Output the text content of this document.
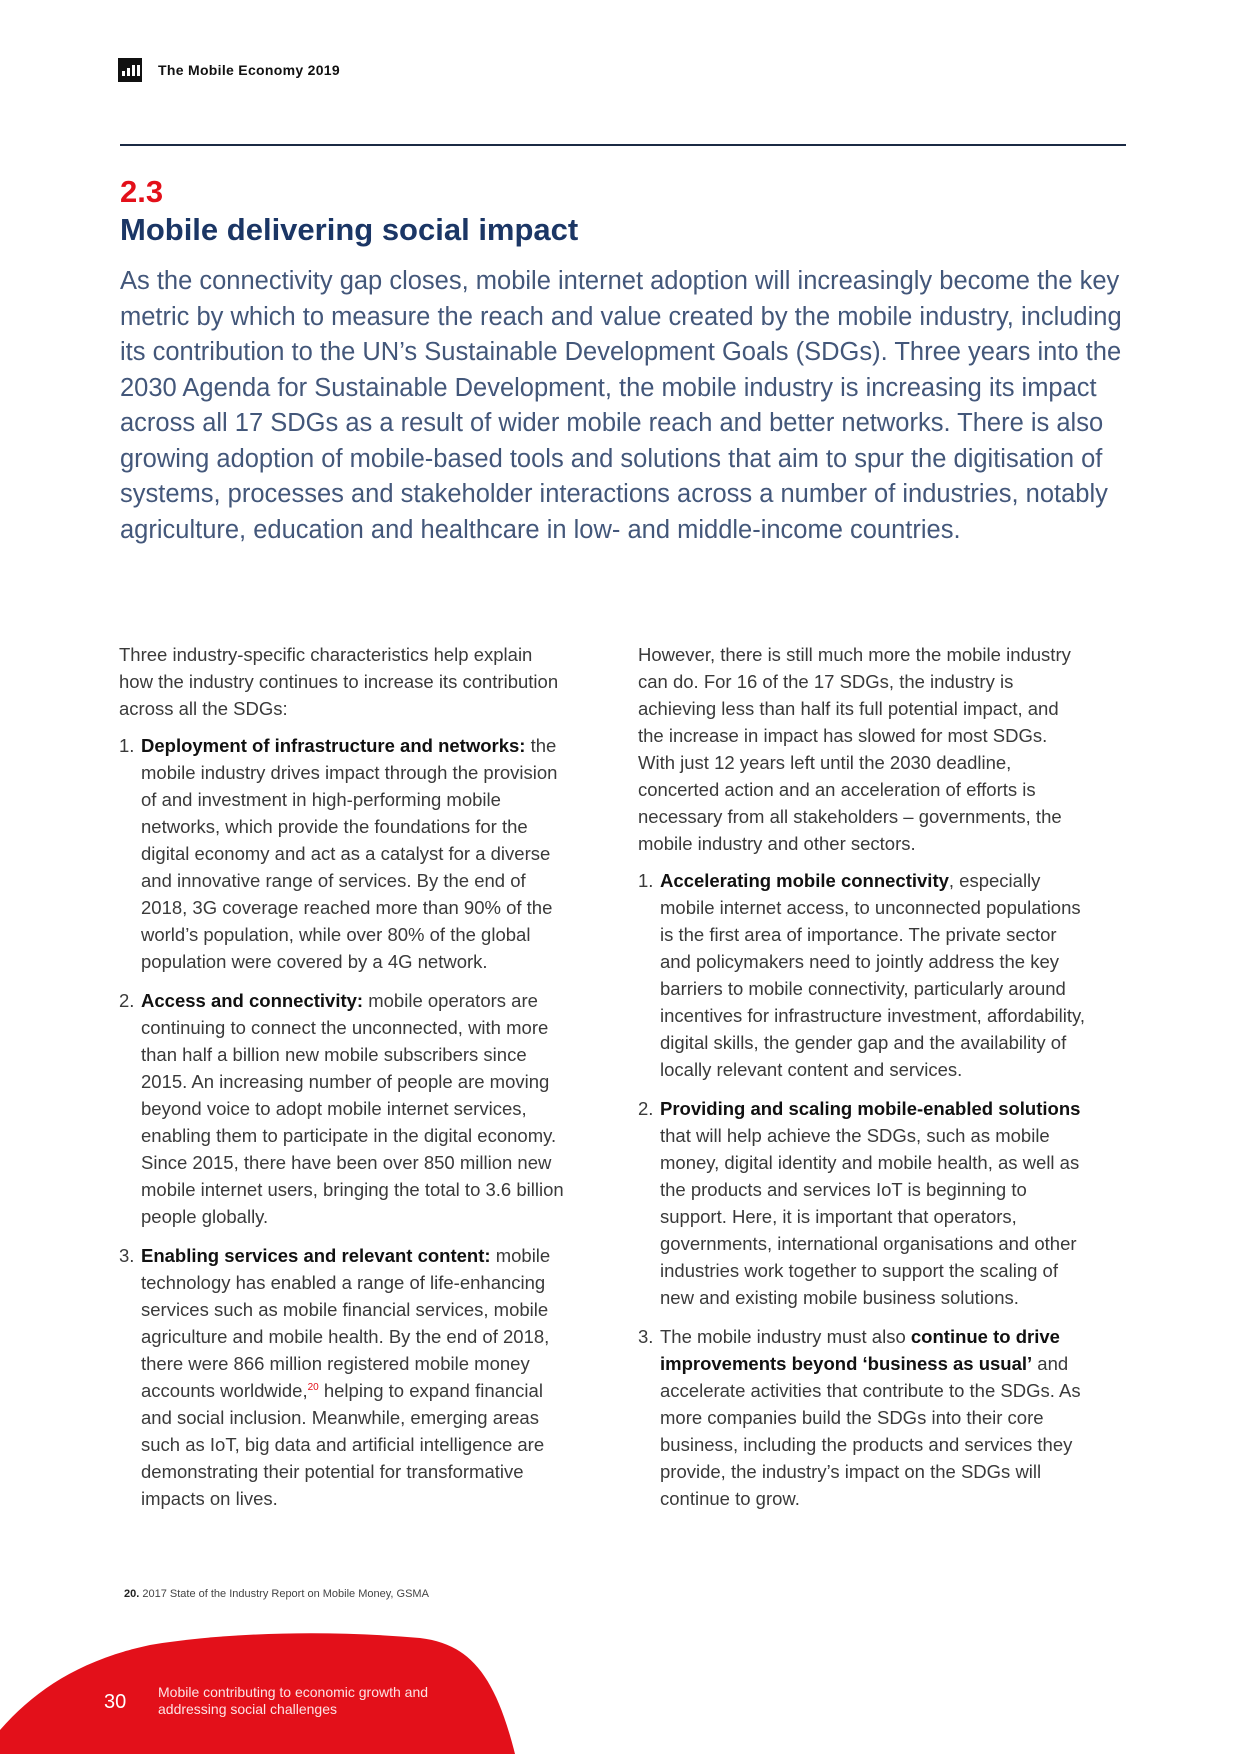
The Mobile Economy 2019
2.3
Mobile delivering social impact

As the connectivity gap closes, mobile internet adoption will increasingly become the key metric by which to measure the reach and value created by the mobile industry, including its contribution to the UN’s Sustainable Development Goals (SDGs). Three years into the 2030 Agenda for Sustainable Development, the mobile industry is increasing its impact across all 17 SDGs as a result of wider mobile reach and better networks. There is also growing adoption of mobile-based tools and solutions that aim to spur the digitisation of systems, processes and stakeholder interactions across a number of industries, notably agriculture, education and healthcare in low- and middle-income countries.

Three industry-specific characteristics help explain how the industry continues to increase its contribution across all the SDGs:

1. Deployment of infrastructure and networks: the mobile industry drives impact through the provision of and investment in high-performing mobile networks, which provide the foundations for the digital economy and act as a catalyst for a diverse and innovative range of services. By the end of 2018, 3G coverage reached more than 90% of the world’s population, while over 80% of the global population were covered by a 4G network.
2. Access and connectivity: mobile operators are continuing to connect the unconnected, with more than half a billion new mobile subscribers since 2015. An increasing number of people are moving beyond voice to adopt mobile internet services, enabling them to participate in the digital economy. Since 2015, there have been over 850 million new mobile internet users, bringing the total to 3.6 billion people globally.
3. Enabling services and relevant content: mobile technology has enabled a range of life-enhancing services such as mobile financial services, mobile agriculture and mobile health. By the end of 2018, there were 866 million registered mobile money accounts worldwide,$^{20}$ helping to expand financial and social inclusion. Meanwhile, emerging areas such as IoT, big data and artificial intelligence are demonstrating their potential for transformative impacts on lives.

However, there is still much more the mobile industry can do. For 16 of the 17 SDGs, the industry is achieving less than half its full potential impact, and the increase in impact has slowed for most SDGs. With just 12 years left until the 2030 deadline, concerted action and an acceleration of efforts is necessary from all stakeholders – governments, the mobile industry and other sectors.

1. Accelerating mobile connectivity, especially mobile internet access, to unconnected populations is the first area of importance. The private sector and policymakers need to jointly address the key barriers to mobile connectivity, particularly around incentives for infrastructure investment, affordability, digital skills, the gender gap and the availability of locally relevant content and services.
2. Providing and scaling mobile-enabled solutions that will help achieve the SDGs, such as mobile money, digital identity and mobile health, as well as the products and services IoT is beginning to support. Here, it is important that operators, governments, international organisations and other industries work together to support the scaling of new and existing mobile business solutions.
3. The mobile industry must also continue to drive improvements beyond ‘business as usual’ and accelerate activities that contribute to the SDGs. As more companies build the SDGs into their core business, including the products and services they provide, the industry’s impact on the SDGs will continue to grow.
20. 2017 State of the Industry Report on Mobile Money, GSMA
30 Mobile contributing to economic growth and addressing social challenges
